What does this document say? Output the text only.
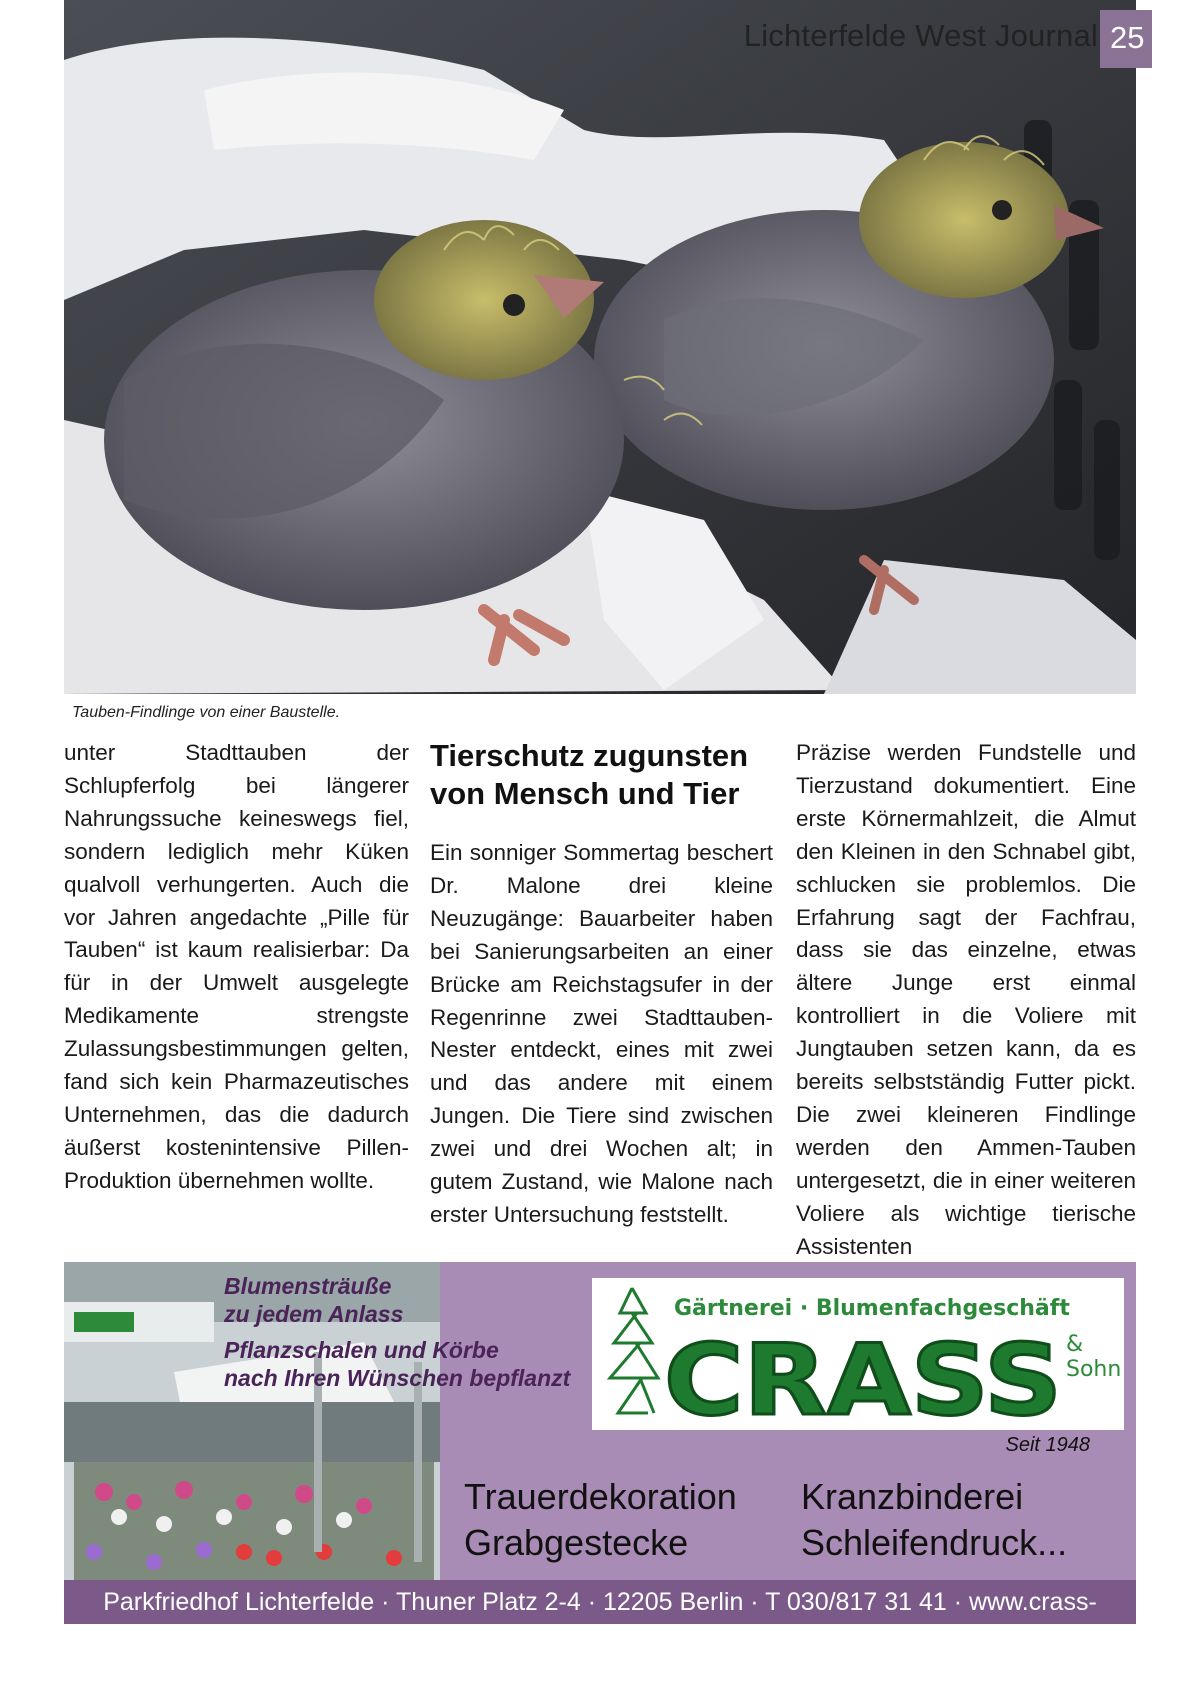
Lichterfelde West Journal 25
Tauben-Findlinge von einer Baustelle.

unter Stadttauben der Schlupferfolg bei längerer Nahrungssuche keineswegs fiel, sondern lediglich mehr Küken qualvoll verhungerten. Auch die vor Jahren angedachte „Pille für Tauben“ ist kaum realisierbar: Da für in der Umwelt ausgelegte Medikamente strengste Zulassungsbestimmungen gelten, fand sich kein Pharmazeutisches Unternehmen, das die dadurch äußerst kostenintensive Pillen-Produktion übernehmen wollte.

Tierschutz zugunsten von Mensch und Tier

Ein sonniger Sommertag beschert Dr. Malone drei kleine Neuzugänge: Bauarbeiter haben bei Sanierungsarbeiten an einer Brücke am Reichstagsufer in der Regenrinne zwei Stadttauben-Nester entdeckt, eines mit zwei und das andere mit einem Jungen. Die Tiere sind zwischen zwei und drei Wochen alt; in gutem Zustand, wie Malone nach erster Untersuchung feststellt.

Präzise werden Fundstelle und Tierzustand dokumentiert. Eine erste Körnermahlzeit, die Almut den Kleinen in den Schnabel gibt, schlucken sie problemlos. Die Erfahrung sagt der Fachfrau, dass sie das einzelne, etwas ältere Junge erst einmal kontrolliert in die Voliere mit Jungtauben setzen kann, da es bereits selbstständig Futter pickt. Die zwei kleineren Findlinge werden den Ammen-Tauben untergesetzt, die in einer weiteren Voliere als wichtige tierische Assistenten

Blumensträuße
zu jedem Anlass
Pflanzschalen und Körbe
nach Ihren Wünschen bepflanzt
Gärtnerei · Blumenfachgeschäft
CRASS & Sohn
Seit 1948
Trauerdekoration
Grabgestecke
Kranzbinderei
Schleifendruck...
Parkfriedhof Lichterfelde · Thuner Platz 2-4 · 12205 Berlin · T 030/817 31 41 · www.crass-sohn.de
